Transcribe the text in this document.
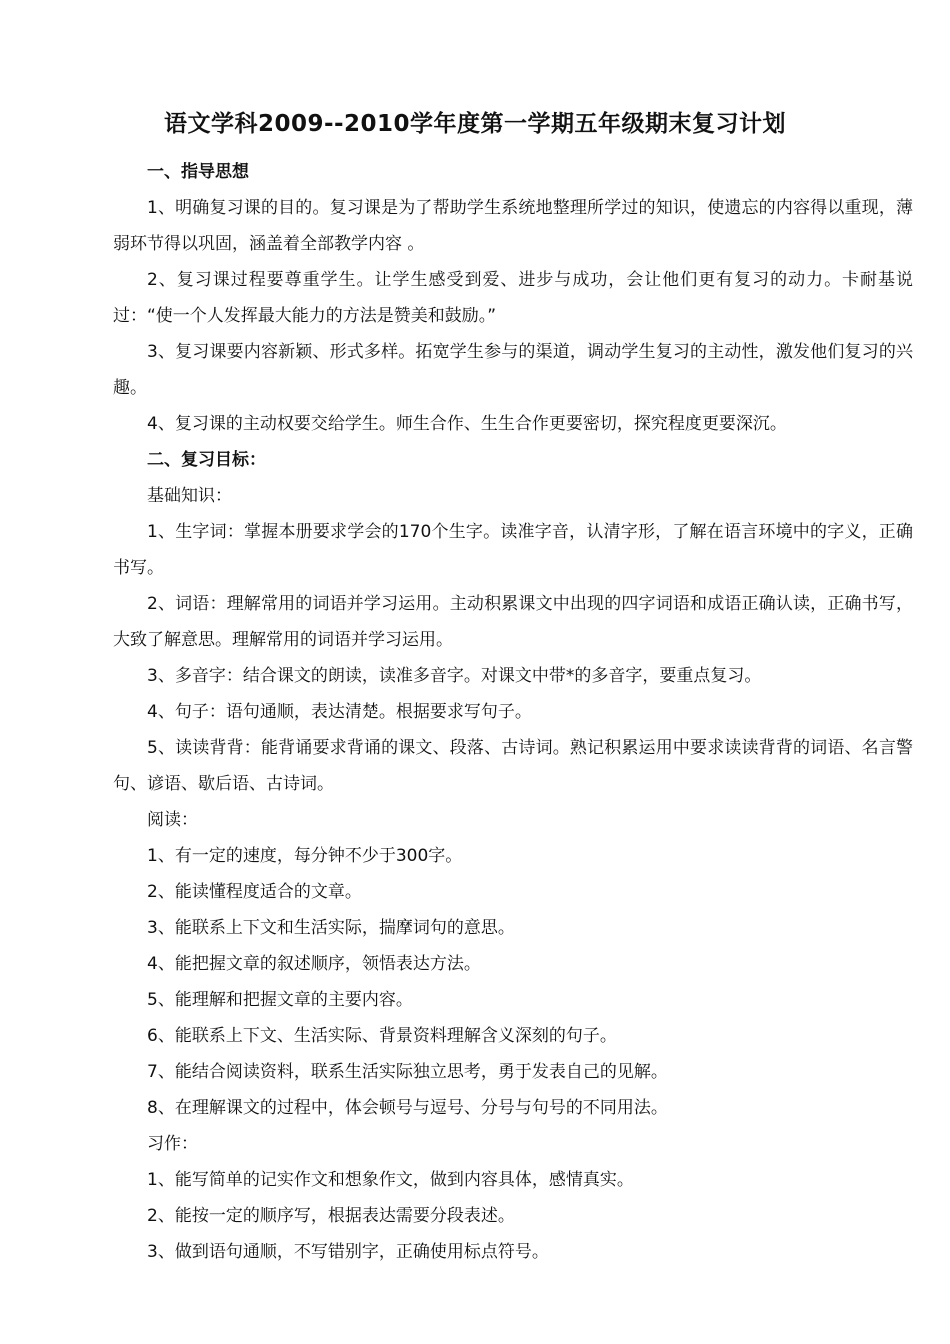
语文学科2009--2010学年度第一学期五年级期末复习计划

一、指导思想

1、明确复习课的目的。复习课是为了帮助学生系统地整理所学过的知识，使遗忘的内容得以重现，薄弱环节得以巩固，涵盖着全部教学内容 。

2、复习课过程要尊重学生。让学生感受到爱、进步与成功，会让他们更有复习的动力。卡耐基说过：“使一个人发挥最大能力的方法是赞美和鼓励。”

3、复习课要内容新颖、形式多样。拓宽学生参与的渠道，调动学生复习的主动性，激发他们复习的兴趣。

4、复习课的主动权要交给学生。师生合作、生生合作更要密切，探究程度更要深沉。

二、复习目标：

基础知识：

1、生字词：掌握本册要求学会的170个生字。读准字音，认清字形，了解在语言环境中的字义，正确书写。

2、词语：理解常用的词语并学习运用。主动积累课文中出现的四字词语和成语正确认读，正确书写，大致了解意思。理解常用的词语并学习运用。

3、多音字：结合课文的朗读，读准多音字。对课文中带*的多音字，要重点复习。

4、句子：语句通顺，表达清楚。根据要求写句子。

5、读读背背：能背诵要求背诵的课文、段落、古诗词。熟记积累运用中要求读读背背的词语、名言警句、谚语、歇后语、古诗词。

阅读：

1、有一定的速度，每分钟不少于300字。

2、能读懂程度适合的文章。

3、能联系上下文和生活实际，揣摩词句的意思。

4、能把握文章的叙述顺序，领悟表达方法。

5、能理解和把握文章的主要内容。

6、能联系上下文、生活实际、背景资料理解含义深刻的句子。

7、能结合阅读资料，联系生活实际独立思考，勇于发表自己的见解。

8、在理解课文的过程中，体会顿号与逗号、分号与句号的不同用法。

习作：

1、能写简单的记实作文和想象作文，做到内容具体，感情真实。

2、能按一定的顺序写，根据表达需要分段表述。

3、做到语句通顺，不写错别字，正确使用标点符号。
